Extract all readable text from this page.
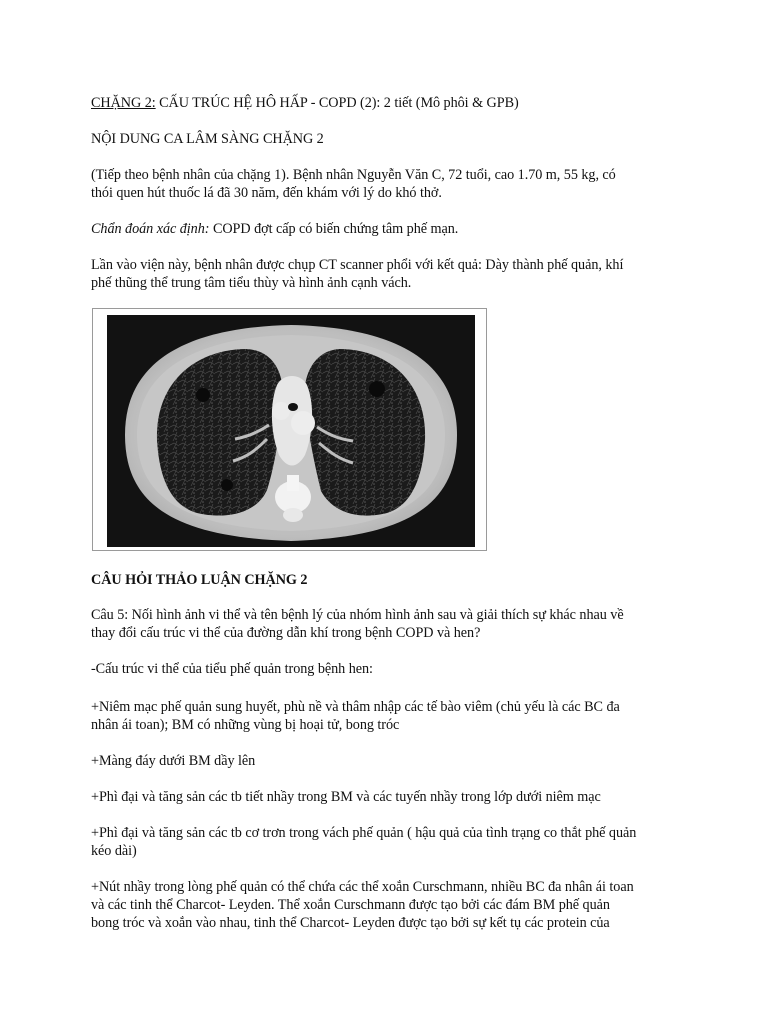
CHẶNG 2: CẤU TRÚC HỆ HÔ HẤP - COPD (2): 2 tiết (Mô phôi & GPB)
NỘI DUNG CA LÂM SÀNG CHẶNG 2
(Tiếp theo bệnh nhân của chặng 1). Bệnh nhân Nguyễn Văn C, 72 tuổi, cao 1.70 m, 55 kg, có
thói quen hút thuốc lá đã 30 năm, đến khám với lý do khó thở.
Chẩn đoán xác định: COPD đợt cấp có biến chứng tâm phế mạn.
Lần vào viện này, bệnh nhân được chụp CT scanner phổi với kết quả: Dày thành phế quản, khí
phế thũng thể trung tâm tiểu thùy và hình ảnh cạnh vách.
CÂU HỎI THẢO LUẬN CHẶNG 2
Câu 5: Nối hình ảnh vi thể và tên bệnh lý của nhóm hình ảnh sau và giải thích sự khác nhau về
thay đổi cấu trúc vi thể của đường dẫn khí trong bệnh COPD và hen?
-Cấu trúc vi thể của tiểu phế quản trong bệnh hen:
+Niêm mạc phế quản sung huyết, phù nề và thâm nhập các tế bào viêm (chủ yếu là các BC đa
nhân ái toan); BM có những vùng bị hoại tử, bong tróc
+Màng đáy dưới BM dầy lên
+Phì đại và tăng sản các tb tiết nhầy trong BM và các tuyến nhầy trong lớp dưới niêm mạc
+Phì đại và tăng sản các tb cơ trơn trong vách phế quản ( hậu quả của tình trạng co thắt phế quản
kéo dài)
+Nút nhầy trong lòng phế quản có thể chứa các thể xoắn Curschmann, nhiều BC đa nhân ái toan
và các tinh thể Charcot- Leyden. Thể xoắn Curschmann được tạo bởi các đám BM phế quản
bong tróc và xoắn vào nhau, tinh thể Charcot- Leyden được tạo bởi sự kết tụ các protein của
